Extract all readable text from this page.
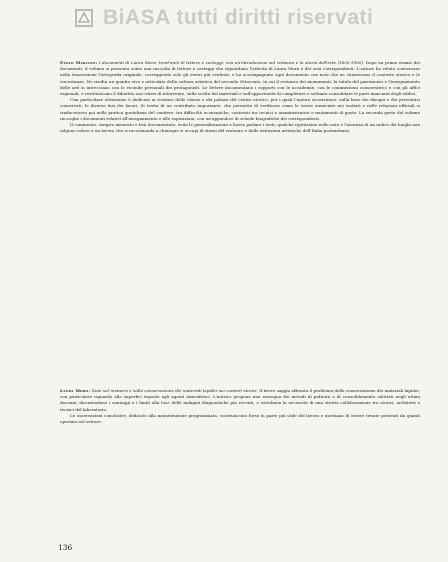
BiASA tutti diritti riservati

Paolo Marconi: I documenti di Laura Mora: trent'anni di lettere e carteggi, con un'introduzione sul restauro e la storia dell'arte (1850-1900). Dopo un primo esame dei documenti, il volume si presenta come una raccolta di lettere e carteggi che riguardano l'attività di Laura Mora e dei suoi corrispondenti. L'autore ha voluto conservare nella trascrizione l'ortografia originale, correggendo solo gli errori più evidenti, e ha accompagnato ogni documento con note che ne chiariscono il contesto storico e le circostanze. Ne risulta un quadro vivo e articolato della cultura artistica del secondo Ottocento, in cui il restauro dei monumenti, la tutela del patrimonio e l'insegnamento delle arti si intrecciano con le vicende personali dei protagonisti. Le lettere documentano i rapporti con le accademie, con le commissioni conservatrici e con gli uffici regionali, e restituiscono il dibattito sui criteri di intervento, sulla scelta dei materiali e sull'opportunità di completare o soltanto consolidare le parti mancanti degli edifici.

Una particolare attenzione è dedicata ai restauri delle chiese e dei palazzi del centro storico, per i quali l'autore ricostruisce, sulla base dei disegni e dei preventivi conservati, le diverse fasi dei lavori. Si tratta di un contributo importante, che permette di verificare come le teorie enunciate nei trattati e nelle relazioni ufficiali si traducessero poi nella pratica quotidiana del cantiere, tra difficoltà economiche, contrasti tra tecnici e amministratori e mutamenti di gusto. La seconda parte del volume raccoglie i documenti relativi all'insegnamento e alle esposizioni, con un'appendice di schede biografiche dei corrispondenti.

Il commento, sempre misurato e ben documentato, evita le generalizzazioni e lascia parlare i testi; qualche ripetizione nelle note e l'assenza di un indice dei luoghi non tolgono valore a un lavoro che si raccomanda a chiunque si occupi di storia del restauro e delle istituzioni artistiche dell'Italia postunitaria.

Laura Moro: Note sul restauro e sulla conservazione dei materiali lapidei nei cantieri storici. Il breve saggio affronta il problema della conservazione dei materiali lapidei, con particolare riguardo alle superfici esposte agli agenti atmosferici. L'autrice propone una rassegna dei metodi di pulitura e di consolidamento adottati negli ultimi decenni, discutendone i vantaggi e i limiti alla luce delle indagini diagnostiche più recenti, e sottolinea la necessità di una stretta collaborazione tra storici, architetti e tecnici del laboratorio.

Le osservazioni conclusive, dedicate alla manutenzione programmata, costituiscono forse la parte più utile del lavoro e meritano di essere tenute presenti da quanti operano nel settore.

136
